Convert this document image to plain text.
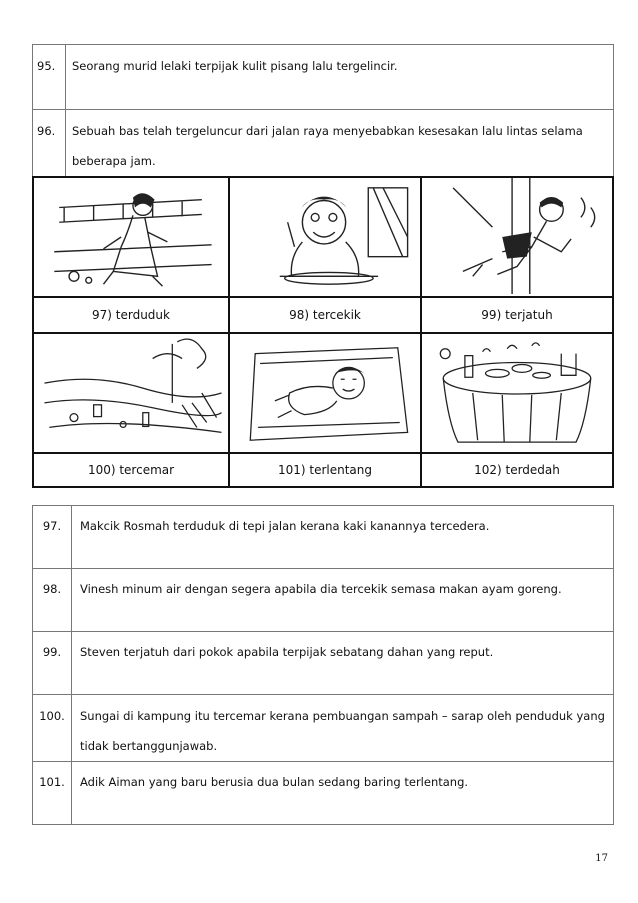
95.	Seorang murid lelaki terpijak kulit pisang lalu tergelincir.
96.	Sebuah bas telah tergeluncur dari jalan raya menyebabkan kesesakan lalu lintas selama beberapa jam.
97) terduduk	98) tercekik	99) terjatuh
100) tercemar	101) terlentang	102) terdedah
97.	Makcik Rosmah terduduk di tepi jalan kerana kaki kanannya tercedera.
98.	Vinesh minum air dengan segera apabila dia tercekik semasa makan ayam goreng.
99.	Steven terjatuh dari pokok apabila terpijak sebatang dahan yang reput.
100.	Sungai di kampung itu tercemar kerana pembuangan sampah – sarap oleh penduduk yang tidak bertanggunjawab.
101.	Adik Aiman yang baru berusia dua bulan sedang baring terlentang.
17
